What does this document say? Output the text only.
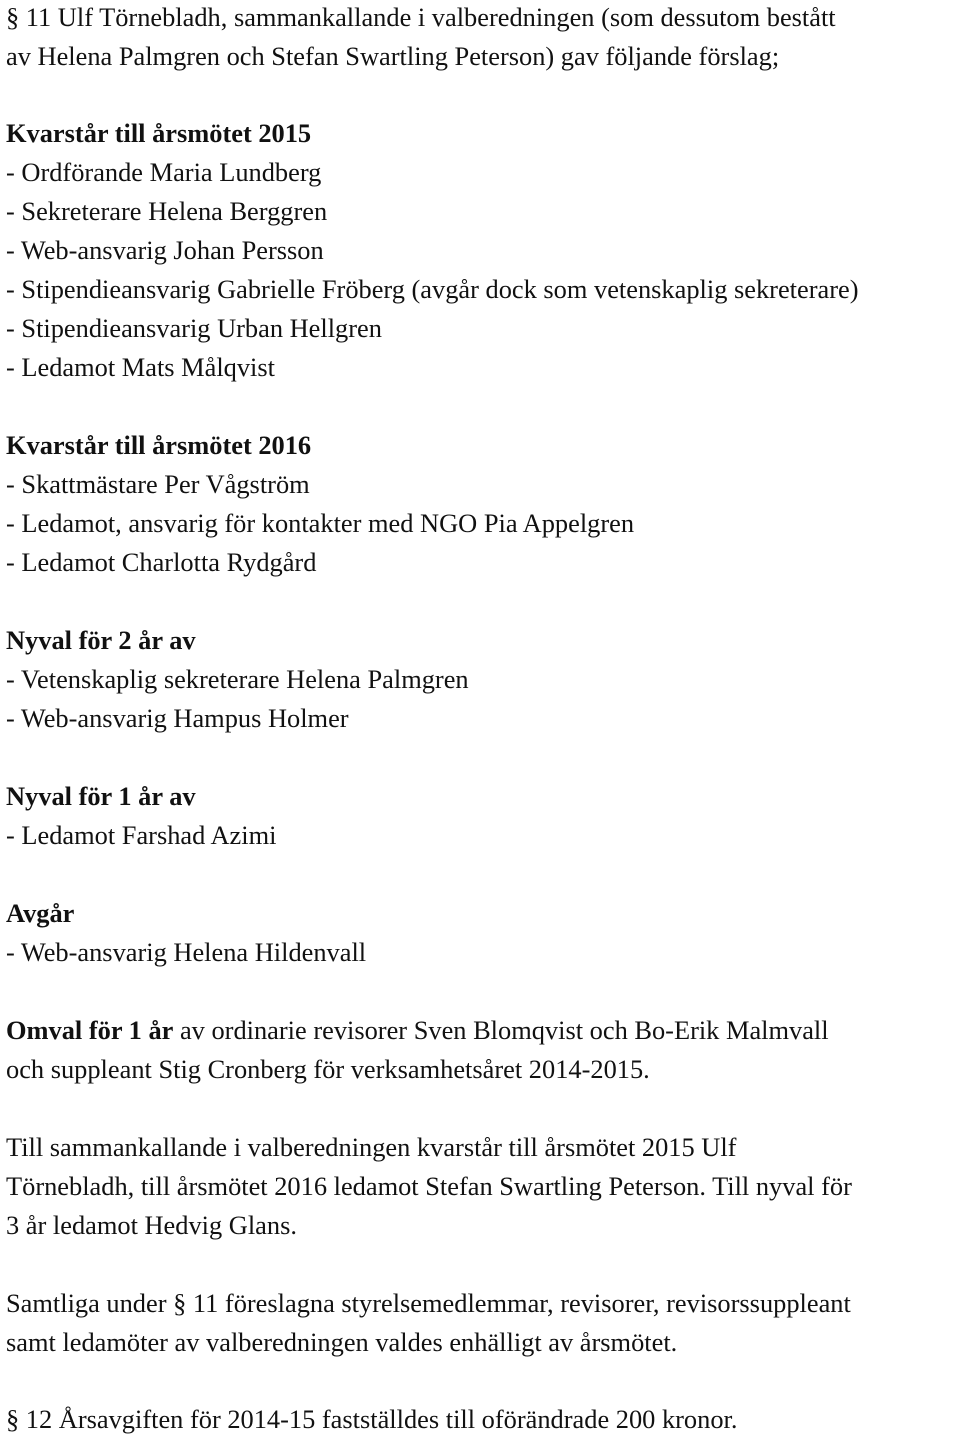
§ 11 Ulf Törnebladh, sammankallande i valberedningen (som dessutom bestått
av Helena Palmgren och Stefan Swartling Peterson) gav följande förslag;
Kvarstår till årsmötet 2015
- Ordförande Maria Lundberg
- Sekreterare Helena Berggren
- Web-ansvarig Johan Persson
- Stipendieansvarig Gabrielle Fröberg (avgår dock som vetenskaplig sekreterare)
- Stipendieansvarig Urban Hellgren
- Ledamot Mats Målqvist
Kvarstår till årsmötet 2016
- Skattmästare Per Vågström
- Ledamot, ansvarig för kontakter med NGO Pia Appelgren
- Ledamot Charlotta Rydgård
Nyval för 2 år av
- Vetenskaplig sekreterare Helena Palmgren
- Web-ansvarig Hampus Holmer
Nyval för 1 år av
- Ledamot Farshad Azimi
Avgår
- Web-ansvarig Helena Hildenvall
Omval för 1 år av ordinarie revisorer Sven Blomqvist och Bo-Erik Malmvall
och suppleant Stig Cronberg för verksamhetsåret 2014-2015.
Till sammankallande i valberedningen kvarstår till årsmötet 2015 Ulf
Törnebladh, till årsmötet 2016 ledamot Stefan Swartling Peterson. Till nyval för
3 år ledamot Hedvig Glans.
Samtliga under § 11 föreslagna styrelsemedlemmar, revisorer, revisorssuppleant
samt ledamöter av valberedningen valdes enhälligt av årsmötet.
§ 12 Årsavgiften för 2014-15 fastställdes till oförändrade 200 kronor.
